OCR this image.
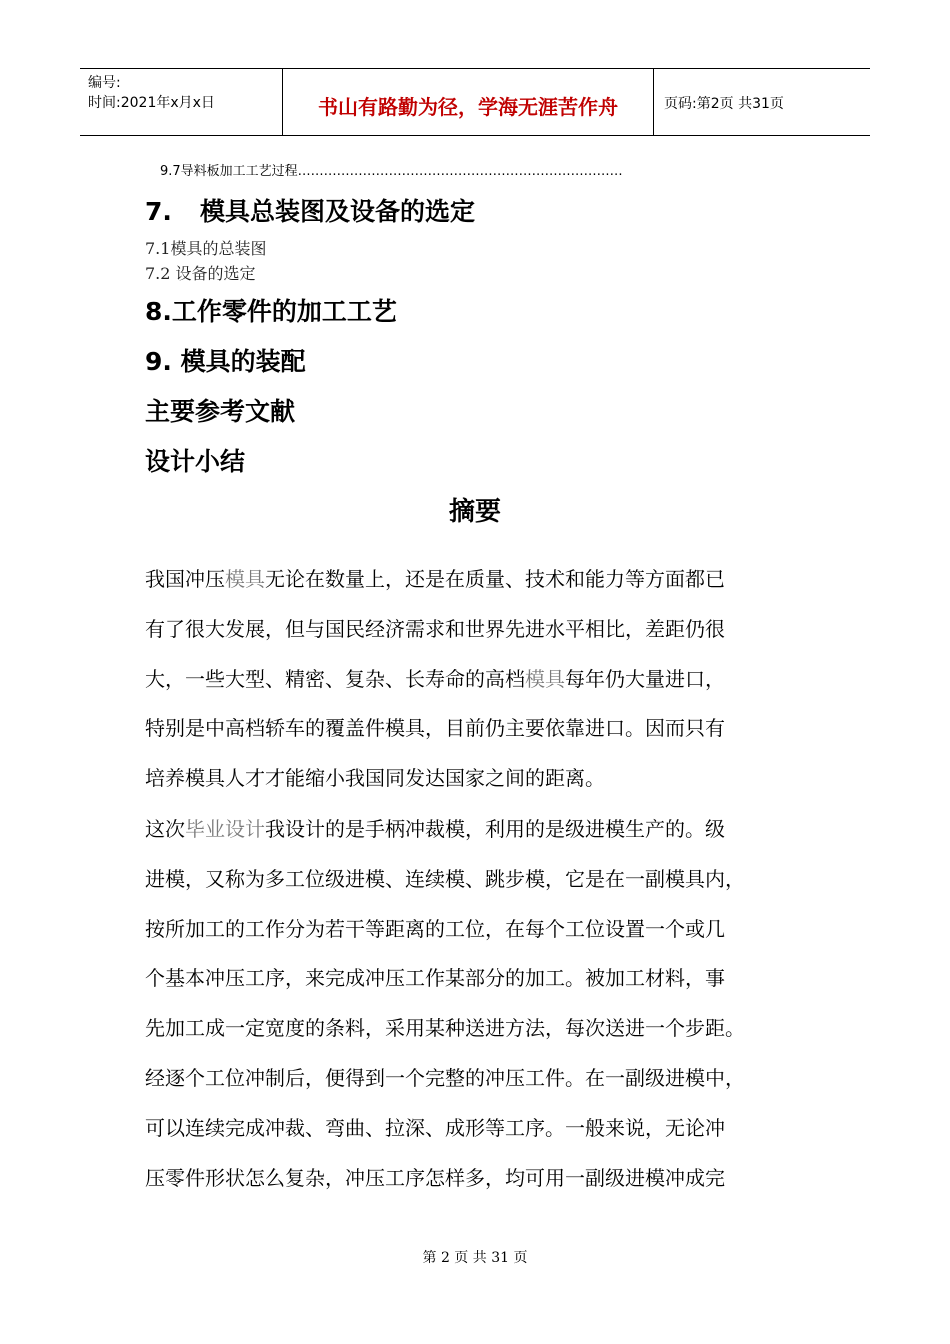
编号:
时间:2021年x月x日	书山有路勤为径，学海无涯苦作舟	页码:第2页 共31页
9.7导料板加工工艺过程…………………………………………………………………
7. 模具总装图及设备的选定
7.1模具的总装图
7.2 设备的选定
8.工作零件的加工工艺
9. 模具的装配
主要参考文献
设计小结
摘要
我国冲压模具无论在数量上，还是在质量、技术和能力等方面都已
有了很大发展，但与国民经济需求和世界先进水平相比，差距仍很
大，一些大型、精密、复杂、长寿命的高档模具每年仍大量进口，
特别是中高档轿车的覆盖件模具，目前仍主要依靠进口。因而只有
培养模具人才才能缩小我国同发达国家之间的距离。
这次毕业设计我设计的是手柄冲裁模，利用的是级进模生产的。级
进模，又称为多工位级进模、连续模、跳步模，它是在一副模具内，
按所加工的工作分为若干等距离的工位，在每个工位设置一个或几
个基本冲压工序，来完成冲压工作某部分的加工。被加工材料，事
先加工成一定宽度的条料，采用某种送进方法，每次送进一个步距。
经逐个工位冲制后，便得到一个完整的冲压工件。在一副级进模中，
可以连续完成冲裁、弯曲、拉深、成形等工序。一般来说，无论冲
压零件形状怎么复杂，冲压工序怎样多，均可用一副级进模冲成完
第 2 页 共 31 页
